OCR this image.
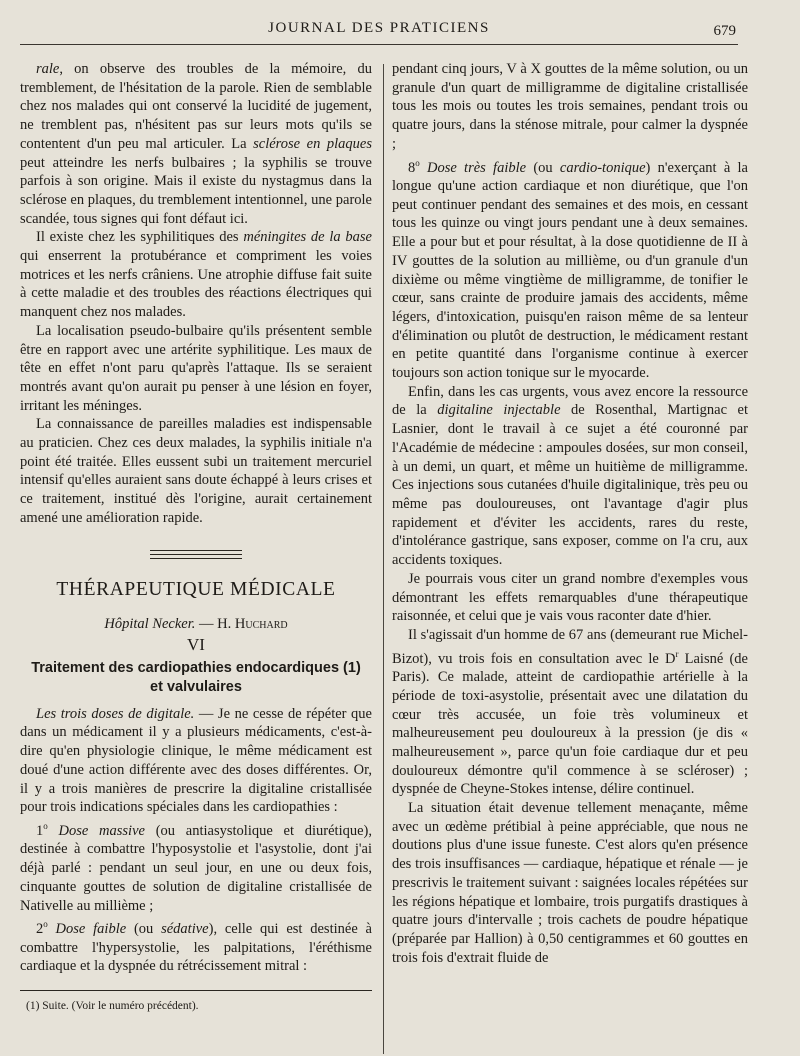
JOURNAL DES PRATICIENS	679

rale, on observe des troubles de la mémoire, du tremblement, de l'hésitation de la parole. Rien de semblable chez nos malades qui ont conservé la lucidité de jugement, ne tremblent pas, n'hésitent pas sur leurs mots qu'ils se contentent d'un peu mal articuler. La sclérose en plaques peut atteindre les nerfs bulbaires ; la syphilis se trouve parfois à son origine. Mais il existe du nystagmus dans la sclérose en plaques, du tremblement intentionnel, une parole scandée, tous signes qui font défaut ici.

Il existe chez les syphilitiques des méningites de la base qui enserrent la protubérance et compriment les voies motrices et les nerfs crâniens. Une atrophie diffuse fait suite à cette maladie et des troubles des réactions électriques qui manquent chez nos malades.

La localisation pseudo-bulbaire qu'ils présentent semble être en rapport avec une artérite syphilitique. Les maux de tête en effet n'ont paru qu'après l'attaque. Ils se seraient montrés avant qu'on aurait pu penser à une lésion en foyer, irritant les méninges.

La connaissance de pareilles maladies est indispensable au praticien. Chez ces deux malades, la syphilis initiale n'a point été traitée. Elles eussent subi un traitement mercuriel intensif qu'elles auraient sans doute échappé à leurs crises et ce traitement, institué dès l'origine, aurait certainement amené une amélioration rapide.

THÉRAPEUTIQUE MÉDICALE
Hôpital Necker. — H. Huchard
VI
Traitement des cardiopathies endocardiques (1)
et valvulaires

Les trois doses de digitale. — Je ne cesse de répéter que dans un médicament il y a plusieurs médicaments, c'est-à-dire qu'en physiologie clinique, le même médicament est doué d'une action différente avec des doses différentes. Or, il y a trois manières de prescrire la digitaline cristallisée pour trois indications spéciales dans les cardiopathies :

1$^o$ Dose massive (ou antiasystolique et diurétique), destinée à combattre l'hyposystolie et l'asystolie, dont j'ai déjà parlé : pendant un seul jour, en une ou deux fois, cinquante gouttes de solution de digitaline cristallisée de Nativelle au millième ;

2$^o$ Dose faible (ou sédative), celle qui est destinée à combattre l'hypersystolie, les palpitations, l'éréthisme cardiaque et la dyspnée du rétrécissement mitral :

(1) Suite. (Voir le numéro précédent).

pendant cinq jours, V à X gouttes de la même solution, ou un granule d'un quart de milligramme de digitaline cristallisée tous les mois ou toutes les trois semaines, pendant trois ou quatre jours, dans la sténose mitrale, pour calmer la dyspnée ;

8$^o$ Dose très faible (ou cardio-tonique) n'exerçant à la longue qu'une action cardiaque et non diurétique, que l'on peut continuer pendant des semaines et des mois, en cessant tous les quinze ou vingt jours pendant une à deux semaines. Elle a pour but et pour résultat, à la dose quotidienne de II à IV gouttes de la solution au millième, ou d'un granule d'un dixième ou même vingtième de milligramme, de tonifier le cœur, sans crainte de produire jamais des accidents, même légers, d'intoxication, puisqu'en raison même de sa lenteur d'élimination ou plutôt de destruction, le médicament restant en petite quantité dans l'organisme continue à exercer toujours son action tonique sur le myocarde.

Enfin, dans les cas urgents, vous avez encore la ressource de la digitaline injectable de Rosenthal, Martignac et Lasnier, dont le travail à ce sujet a été couronné par l'Académie de médecine : ampoules dosées, sur mon conseil, à un demi, un quart, et même un huitième de milligramme. Ces injections sous cutanées d'huile digitalinique, très peu ou même pas douloureuses, ont l'avantage d'agir plus rapidement et d'éviter les accidents, rares du reste, d'intolérance gastrique, sans exposer, comme on l'a cru, aux accidents toxiques.

Je pourrais vous citer un grand nombre d'exemples vous démontrant les effets remarquables d'une thérapeutique raisonnée, et celui que je vais vous raconter date d'hier.

Il s'agissait d'un homme de 67 ans (demeurant rue Michel-Bizot), vu trois fois en consultation avec le $D^r$ Laisné (de Paris). Ce malade, atteint de cardiopathie artérielle à la période de toxi-asystolie, présentait avec une dilatation du cœur très accusée, un foie très volumineux et malheureusement peu douloureux à la pression (je dis « malheureusement », parce qu'un foie cardiaque dur et peu douloureux démontre qu'il commence à se scléroser) ; dyspnée de Cheyne-Stokes intense, délire continuel.

La situation était devenue tellement menaçante, même avec un œdème prétibial à peine appréciable, que nous ne doutions plus d'une issue funeste. C'est alors qu'en présence des trois insuffisances — cardiaque, hépatique et rénale — je prescrivis le traitement suivant : saignées locales répétées sur les régions hépatique et lombaire, trois purgatifs drastiques à quatre jours d'intervalle ; trois cachets de poudre hépatique (préparée par Hallion) à 0,50 centigrammes et 60 gouttes en trois fois d'extrait fluide de
